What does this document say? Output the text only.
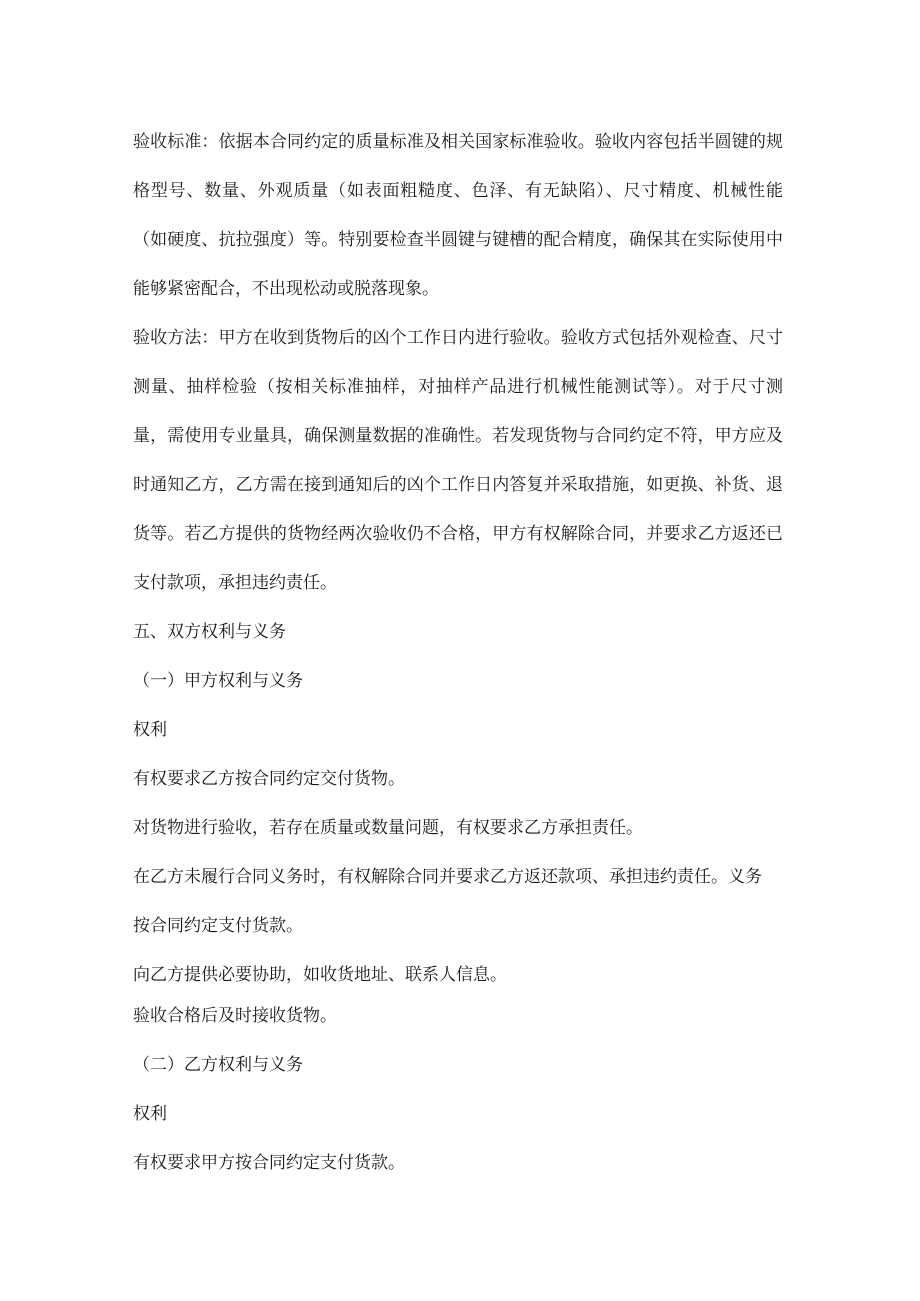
验收标准：依据本合同约定的质量标准及相关国家标准验收。验收内容包括半圆键的规格型号、数量、外观质量（如表面粗糙度、色泽、有无缺陷）、尺寸精度、机械性能（如硬度、抗拉强度）等。特别要检查半圆键与键槽的配合精度，确保其在实际使用中能够紧密配合，不出现松动或脱落现象。

验收方法：甲方在收到货物后的凶个工作日内进行验收。验收方式包括外观检查、尺寸测量、抽样检验（按相关标准抽样，对抽样产品进行机械性能测试等）。对于尺寸测量，需使用专业量具，确保测量数据的准确性。若发现货物与合同约定不符，甲方应及时通知乙方，乙方需在接到通知后的凶个工作日内答复并采取措施，如更换、补货、退货等。若乙方提供的货物经两次验收仍不合格，甲方有权解除合同，并要求乙方返还已支付款项，承担违约责任。

五、双方权利与义务

（一）甲方权利与义务

权利

有权要求乙方按合同约定交付货物。

对货物进行验收，若存在质量或数量问题，有权要求乙方承担责任。

在乙方未履行合同义务时，有权解除合同并要求乙方返还款项、承担违约责任。义务

按合同约定支付货款。

向乙方提供必要协助，如收货地址、联系人信息。

验收合格后及时接收货物。

（二）乙方权利与义务

权利

有权要求甲方按合同约定支付货款。
